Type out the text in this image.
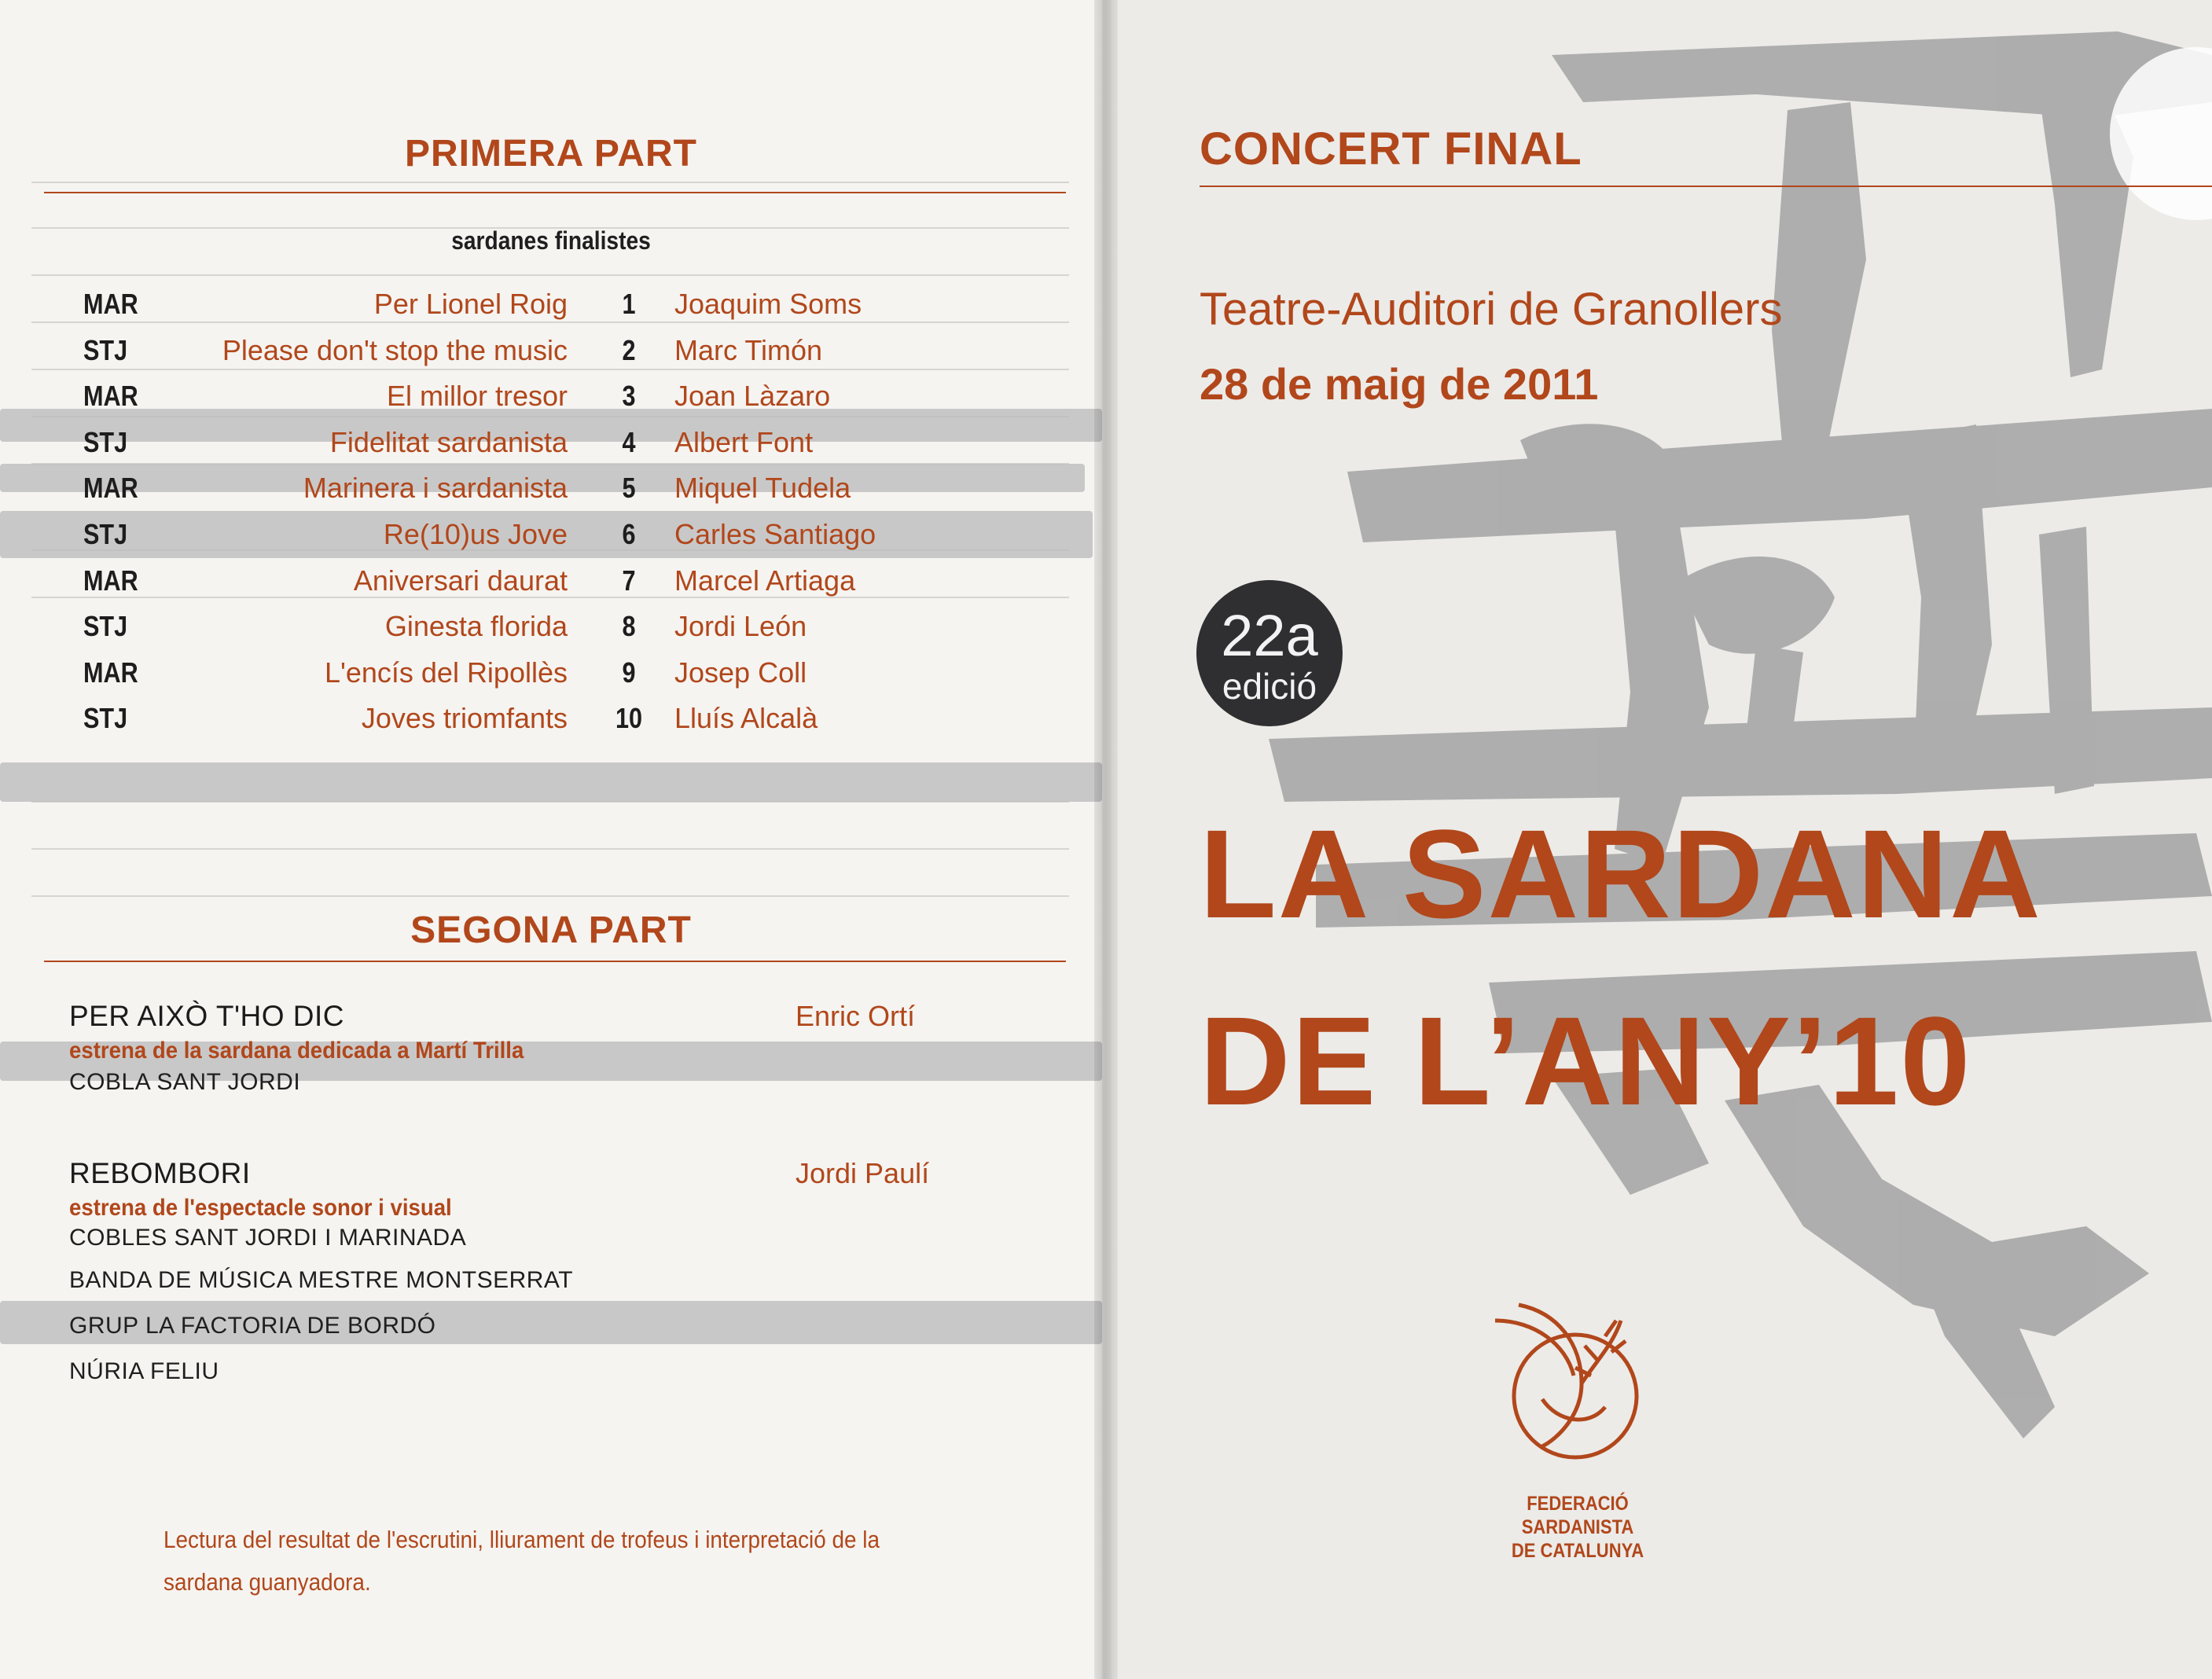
PRIMERA PART
sardanes finalistes
MAR	Per Lionel Roig 1 Joaquim Soms
STJ	Please don't stop the music 2 Marc Timón
MAR	El millor tresor 3 Joan Làzaro
STJ	Fidelitat sardanista 4 Albert Font
MAR	Marinera i sardanista 5 Miquel Tudela
STJ	Re(10)us Jove 6 Carles Santiago
MAR	Aniversari daurat 7 Marcel Artiaga
STJ	Ginesta florida 8 Jordi León
MAR	L'encís del Ripollès 9 Josep Coll
STJ	Joves triomfants 10 Lluís Alcalà
SEGONA PART
PER AIXÒ T'HO DIC	Enric Ortí
estrena de la sardana dedicada a Martí Trilla
COBLA SANT JORDI
REBOMBORI	Jordi Paulí
estrena de l'espectacle sonor i visual
COBLES SANT JORDI I MARINADA
BANDA DE MÚSICA MESTRE MONTSERRAT
GRUP LA FACTORIA DE BORDÓ
NÚRIA FELIU
Lectura del resultat de l'escrutini, lliurament de trofeus i interpretació de la sardana guanyadora.
CONCERT FINAL
Teatre-Auditori de Granollers
28 de maig de 2011
22a
edició
LA SARDANA
DE L’ANY’10
FEDERACIÓ SARDANISTA
DE CATALUNYA
